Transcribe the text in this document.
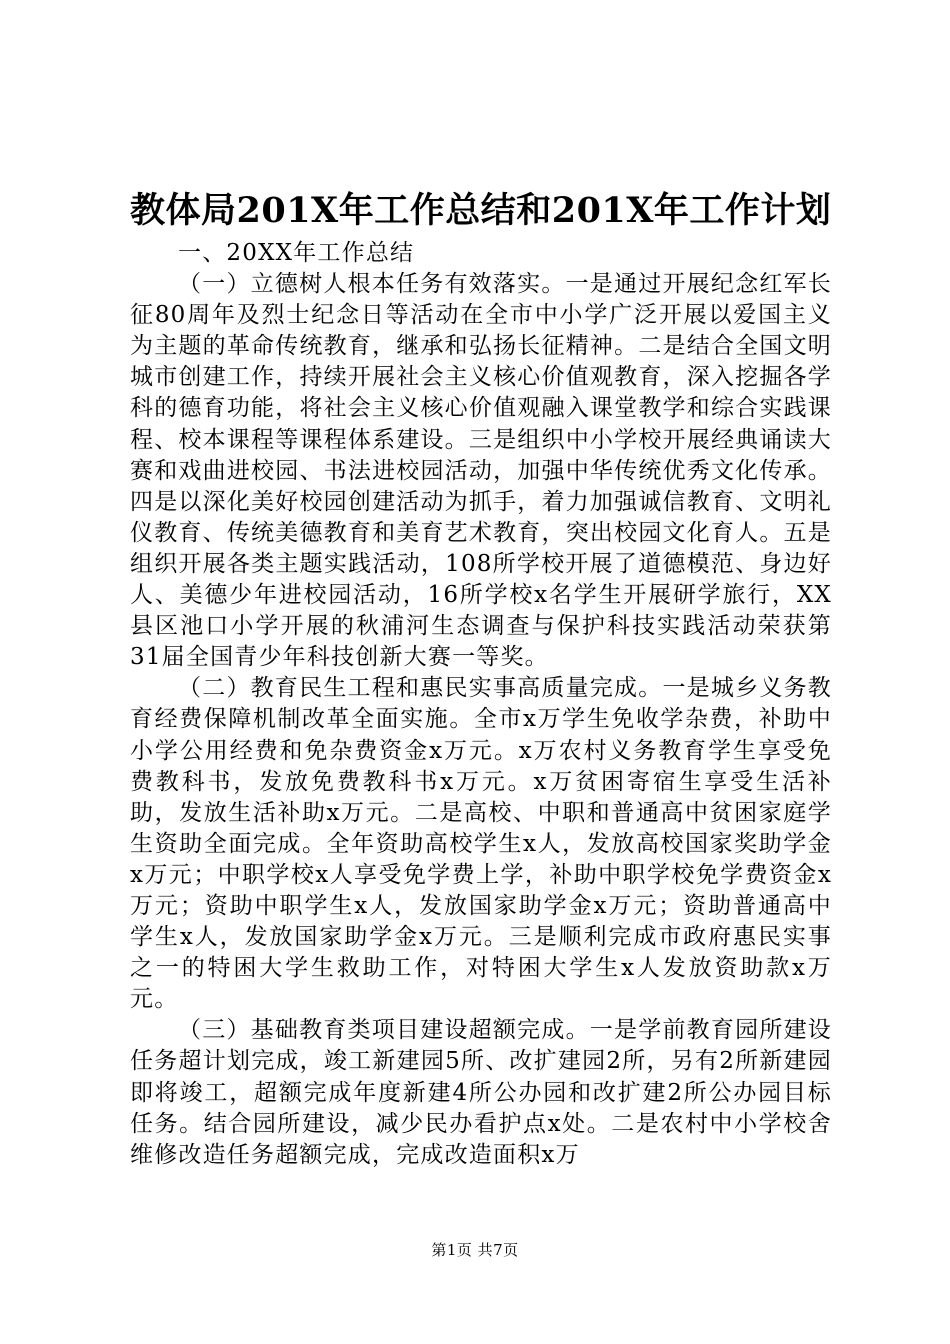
教体局201X年工作总结和201X年工作计划

一、20XX年工作总结

（一）立德树人根本任务有效落实。一是通过开展纪念红军长征80周年及烈士纪念日等活动在全市中小学广泛开展以爱国主义为主题的革命传统教育，继承和弘扬长征精神。二是结合全国文明城市创建工作，持续开展社会主义核心价值观教育，深入挖掘各学科的德育功能，将社会主义核心价值观融入课堂教学和综合实践课程、校本课程等课程体系建设。三是组织中小学校开展经典诵读大赛和戏曲进校园、书法进校园活动，加强中华传统优秀文化传承。四是以深化美好校园创建活动为抓手，着力加强诚信教育、文明礼仪教育、传统美德教育和美育艺术教育，突出校园文化育人。五是组织开展各类主题实践活动，108所学校开展了道德模范、身边好人、美德少年进校园活动，16所学校x名学生开展研学旅行，XX县区池口小学开展的秋浦河生态调查与保护科技实践活动荣获第31届全国青少年科技创新大赛一等奖。

（二）教育民生工程和惠民实事高质量完成。一是城乡义务教育经费保障机制改革全面实施。全市x万学生免收学杂费，补助中小学公用经费和免杂费资金x万元。x万农村义务教育学生享受免费教科书，发放免费教科书x万元。x万贫困寄宿生享受生活补助，发放生活补助x万元。二是高校、中职和普通高中贫困家庭学生资助全面完成。全年资助高校学生x人，发放高校国家奖助学金x万元；中职学校x人享受免学费上学，补助中职学校免学费资金x万元；资助中职学生x人，发放国家助学金x万元；资助普通高中学生x人，发放国家助学金x万元。三是顺利完成市政府惠民实事之一的特困大学生救助工作，对特困大学生x人发放资助款x万元。

（三）基础教育类项目建设超额完成。一是学前教育园所建设任务超计划完成，竣工新建园5所、改扩建园2所，另有2所新建园即将竣工，超额完成年度新建4所公办园和改扩建2所公办园目标任务。结合园所建设，减少民办看护点x处。二是农村中小学校舍维修改造任务超额完成，完成改造面积x万

第1页 共7页
